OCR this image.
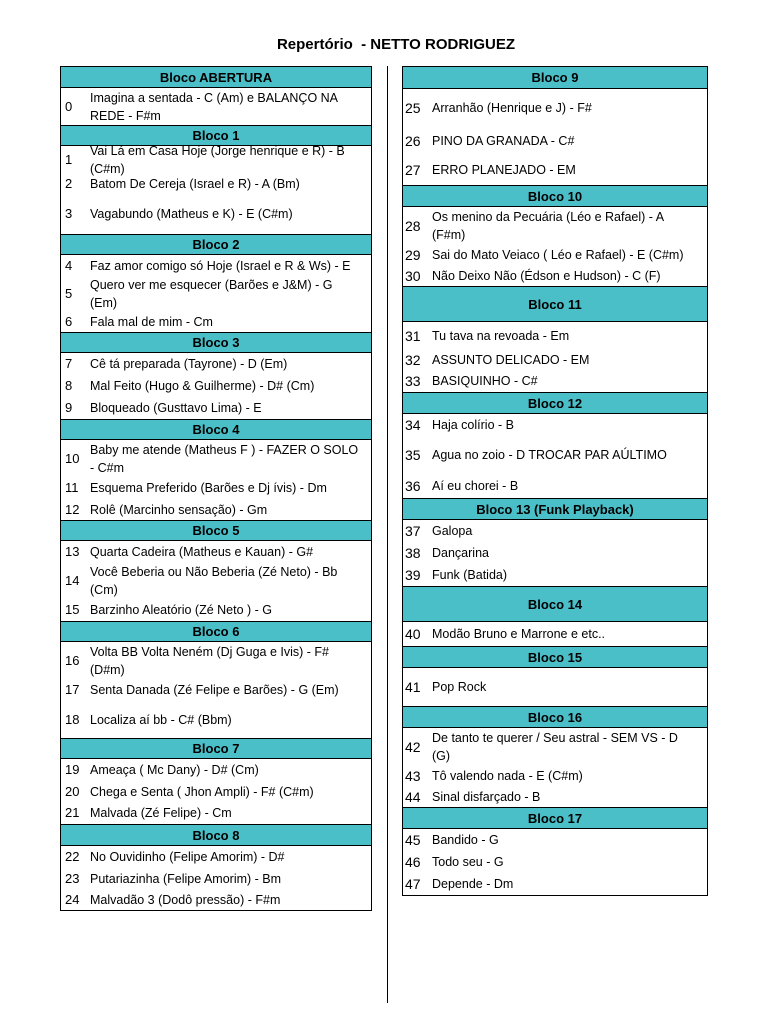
Repertório  - NETTO RODRIGUEZ
Bloco ABERTURA
0
Imagina a sentada - C (Am) e BALANÇO NA REDE - F#m
Bloco 1
1
Vai Lá em Casa Hoje (Jorge henrique e R) - B (C#m)
2	Batom De Cereja (Israel e R) - A (Bm)
3	Vagabundo (Matheus e K) - E (C#m)
Bloco 2
4	Faz amor comigo só Hoje (Israel e R & Ws) - E
5
Quero ver me esquecer (Barões e J&M) - G (Em)
6	Fala mal de mim - Cm
Bloco 3
7	Cê tá preparada (Tayrone) - D (Em)
8	Mal Feito (Hugo & Guilherme) - D# (Cm)
9	Bloqueado (Gusttavo Lima) - E
Bloco 4
10
Baby me atende (Matheus F ) - FAZER O SOLO - C#m
11 Esquema Preferido (Barões e Dj ívis) - Dm
12 Rolê (Marcinho sensação) - Gm
Bloco 5
13 Quarta Cadeira (Matheus e Kauan) - G#
14
Você Beberia ou Não Beberia (Zé Neto) - Bb (Cm)
15 Barzinho Aleatório (Zé Neto ) - G
Bloco 6
16
Volta BB Volta Neném (Dj Guga e Ivis) - F# (D#m)
17 Senta Danada (Zé Felipe e Barões) - G (Em)
18 Localiza aí bb - C# (Bbm)
Bloco 7
19 Ameaça ( Mc Dany) - D# (Cm)
20 Chega e Senta ( Jhon Ampli) - F# (C#m)
21 Malvada (Zé Felipe) - Cm
Bloco 8
22 No Ouvidinho (Felipe Amorim) - D#
23 Putariazinha (Felipe Amorim) - Bm
24 Malvadão 3 (Dodô pressão) - F#m
Bloco 9
25 Arranhão (Henrique e J) - F#
26 PINO DA GRANADA - C#
27 ERRO PLANEJADO - EM
Bloco 10
28
Os menino da Pecuária (Léo e Rafael) - A (F#m)
29 Sai do Mato Veiaco ( Léo e Rafael) - E (C#m)
30 Não Deixo Não (Édson e Hudson) - C (F)
Bloco 11
31 Tu tava na revoada - Em
32 ASSUNTO DELICADO - EM
33 BASIQUINHO - C#
Bloco 12
34 Haja colírio - B
35 Agua no zoio - D TROCAR PAR AÚLTIMO
36 Aí eu chorei - B
Bloco 13 (Funk Playback)
37 Galopa
38 Dançarina
39 Funk (Batida)
Bloco 14
40 Modão Bruno e Marrone e etc..
Bloco 15
41 Pop Rock
Bloco 16
42
De tanto te querer / Seu astral - SEM VS - D (G)
43 Tô valendo nada - E (C#m)
44 Sinal disfarçado - B
Bloco 17
45 Bandido - G
46 Todo seu - G
47 Depende - Dm
